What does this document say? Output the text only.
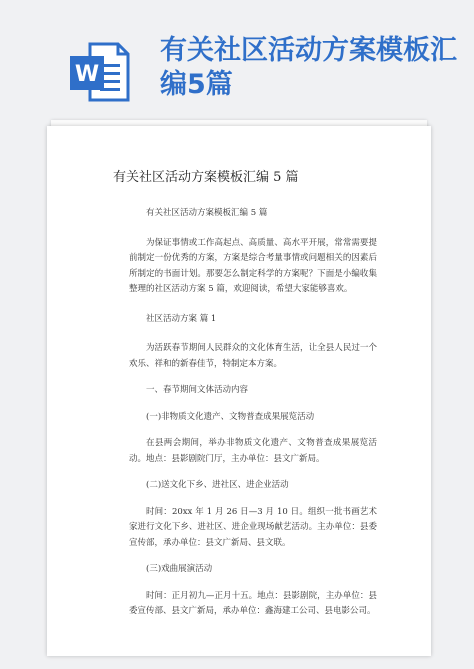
W
有关社区活动方案模板汇编5篇
有关社区活动方案模板汇编 5 篇

有关社区活动方案模板汇编 5 篇

为保证事情或工作高起点、高质量、高水平开展，常常需要提前制定一份优秀的方案，方案是综合考量事情或问题相关的因素后所制定的书面计划。那要怎么制定科学的方案呢？下面是小编收集整理的社区活动方案 5 篇，欢迎阅读，希望大家能够喜欢。

社区活动方案 篇 1

为活跃春节期间人民群众的文化体育生活，让全县人民过一个欢乐、祥和的新春佳节，特制定本方案。

一、春节期间文体活动内容

(一)非物质文化遗产、文物普查成果展览活动

在县两会期间，举办非物质文化遗产、文物普查成果展览活动。地点：县影剧院门厅，主办单位：县文广新局。

(二)送文化下乡、进社区、进企业活动

时间：20xx 年 1 月 26 日—3 月 10 日。组织一批书画艺术家进行文化下乡、进社区、进企业现场献艺活动。主办单位：县委宣传部，承办单位：县文广新局、县文联。

(三)戏曲展演活动

时间：正月初九—正月十五。地点：县影剧院，主办单位：县委宣传部、县文广新局，承办单位：鑫海建工公司、县电影公司。
